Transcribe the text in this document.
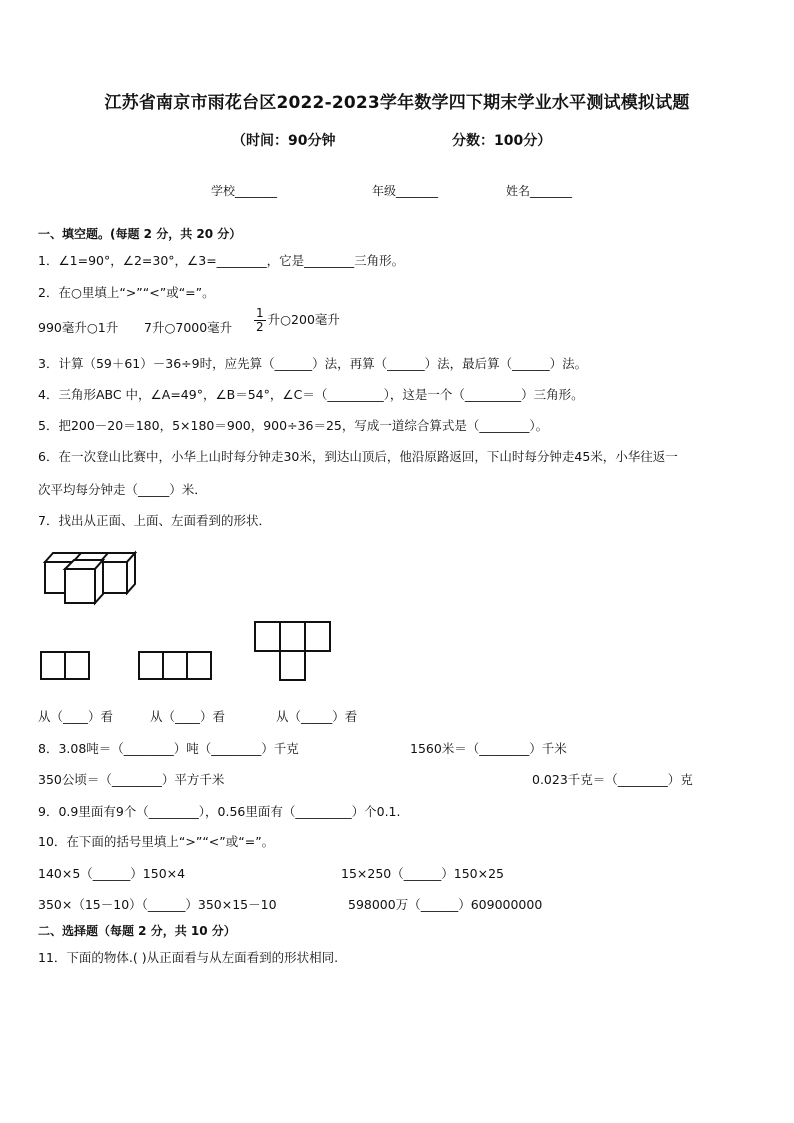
江苏省南京市雨花台区2022-2023学年数学四下期末学业水平测试模拟试题
（时间：90分钟	分数：100分）
学校_______	年级_______	姓名_______
一、填空题。(每题 2 分，共 20 分）
1．∠1=90°，∠2=30°，∠3=________，它是________三角形。
2．在○里填上“>”“<”或“=”。
990毫升○1升 7升○7000毫升 $\frac{1}{2}$ 升○200毫升
3．计算（59＋61）－36÷9时，应先算（______）法，再算（______）法，最后算（______）法。
4．三角形ABC 中，∠A=49°，∠B＝54°，∠C＝（_________），这是一个（_________）三角形。
5．把200－20＝180，5×180＝900，900÷36＝25，写成一道综合算式是（________）。
6．在一次登山比赛中，小华上山时每分钟走30米，到达山顶后，他沿原路返回，下山时每分钟走45米，小华往返一
次平均每分钟走（_____）米．
7．找出从正面、上面、左面看到的形状．
从（____）看	从（____）看	从（_____）看
8．3.08吨＝（________）吨（________）千克	1560米＝（________）千米
350公顷＝（________）平方千米	0.023千克＝（________）克
9．0.9里面有9个（________），0.56里面有（_________）个0.1.
10．在下面的括号里填上“>”“<”或“=”。
140×5（______）150×4	15×250（______）150×25
350×（15－10）（______）350×15－10	598000万（______）609000000
二、选择题（每题 2 分，共 10 分）
11．下面的物体.( )从正面看与从左面看到的形状相同.
